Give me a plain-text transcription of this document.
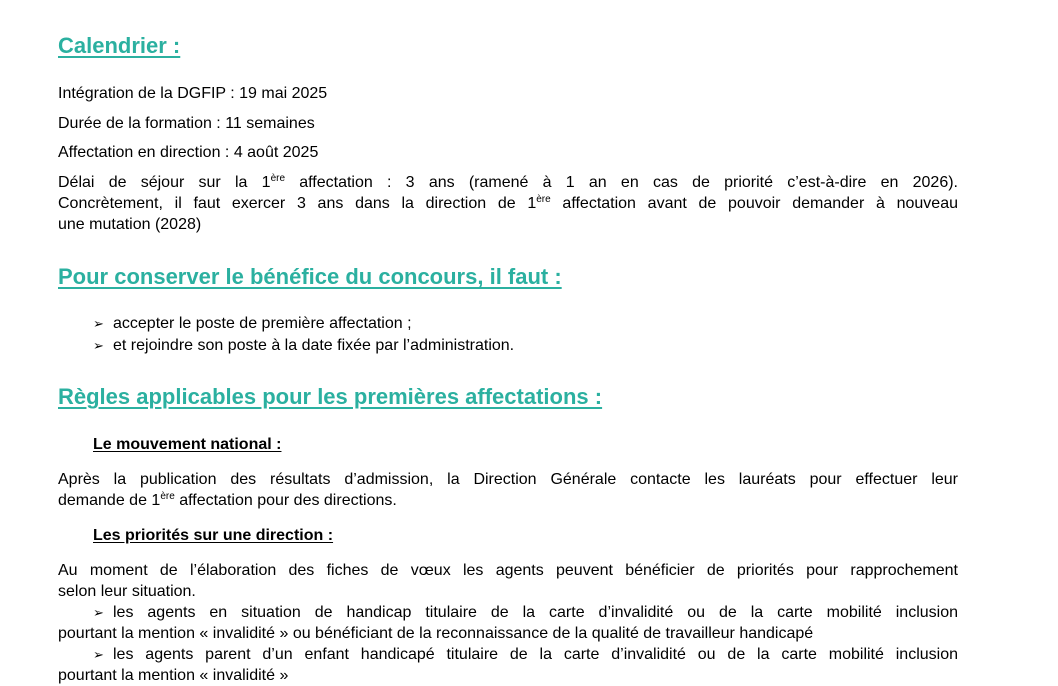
Calendrier :

Intégration de la DGFIP : 19 mai 2025

Durée de la formation : 11 semaines

Affectation en direction : 4 août 2025

Délai de séjour sur la 1ère affectation : 3 ans (ramené à 1 an en cas de priorité c’est-à-dire en 2026).
Concrètement, il faut exercer 3 ans dans la direction de 1ère affectation avant de pouvoir demander à nouveau
une mutation (2028)
Pour conserver le bénéfice du concours, il faut :

➢ accepter le poste de première affectation ;

➢ et rejoindre son poste à la date fixée par l’administration.

Règles applicables pour les premières affectations :

Le mouvement national :

Après la publication des résultats d’admission, la Direction Générale contacte les lauréats pour effectuer leur
demande de 1ère affectation pour des directions.

Les priorités sur une direction :

Au moment de l’élaboration des fiches de vœux les agents peuvent bénéficier de priorités pour rapprochement
selon leur situation.
➢ les agents en situation de handicap titulaire de la carte d’invalidité ou de la carte mobilité inclusion
pourtant la mention « invalidité » ou bénéficiant de la reconnaissance de la qualité de travailleur handicapé
➢ les agents parent d’un enfant handicapé titulaire de la carte d’invalidité ou de la carte mobilité inclusion
pourtant la mention « invalidité »
